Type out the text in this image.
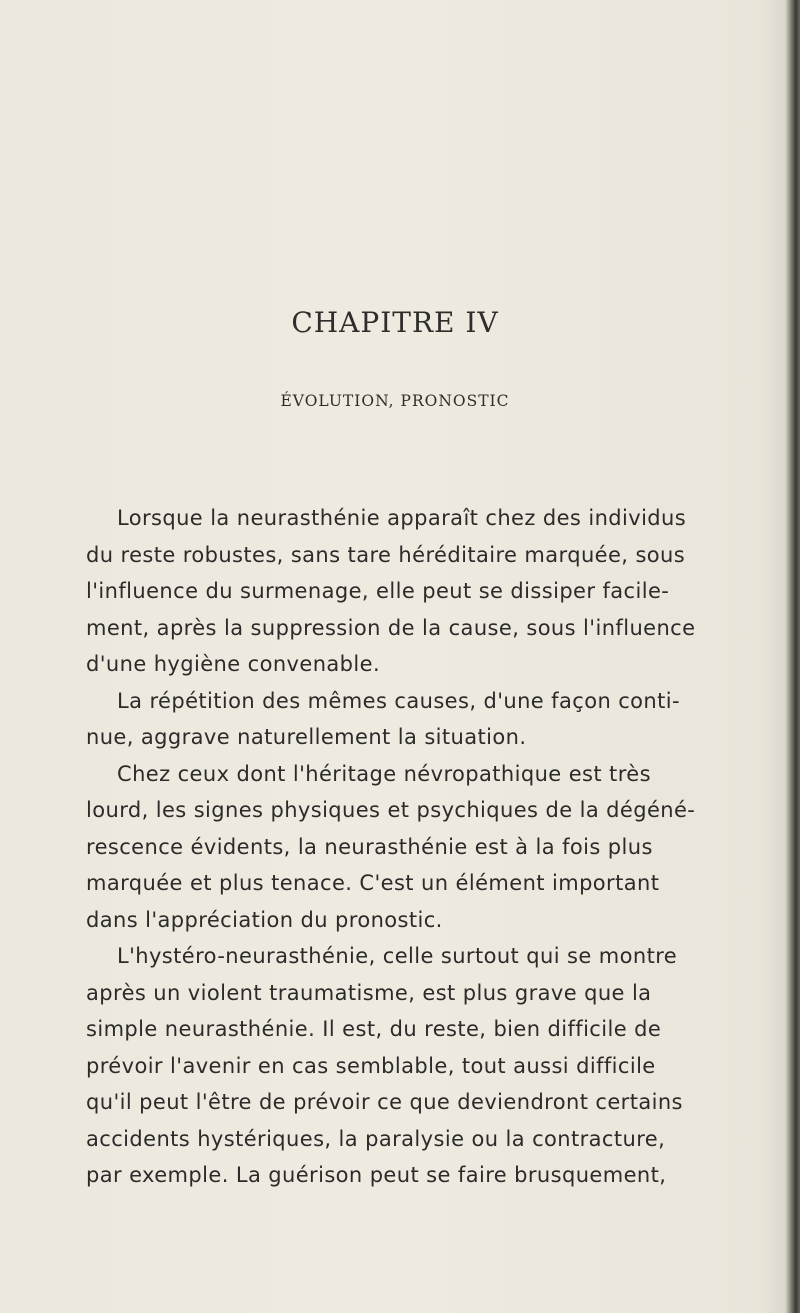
CHAPITRE IV
ÉVOLUTION, PRONOSTIC
Lorsque la neurasthénie apparaît chez des individus
du reste robustes, sans tare héréditaire marquée, sous
l'influence du surmenage, elle peut se dissiper facile-
ment, après la suppression de la cause, sous l'influence
d'une hygiène convenable.
La répétition des mêmes causes, d'une façon conti-
nue, aggrave naturellement la situation.
Chez ceux dont l'héritage névropathique est très
lourd, les signes physiques et psychiques de la dégéné-
rescence évidents, la neurasthénie est à la fois plus
marquée et plus tenace. C'est un élément important
dans l'appréciation du pronostic.
L'hystéro-neurasthénie, celle surtout qui se montre
après un violent traumatisme, est plus grave que la
simple neurasthénie. Il est, du reste, bien difficile de
prévoir l'avenir en cas semblable, tout aussi difficile
qu'il peut l'être de prévoir ce que deviendront certains
accidents hystériques, la paralysie ou la contracture,
par exemple. La guérison peut se faire brusquement,
